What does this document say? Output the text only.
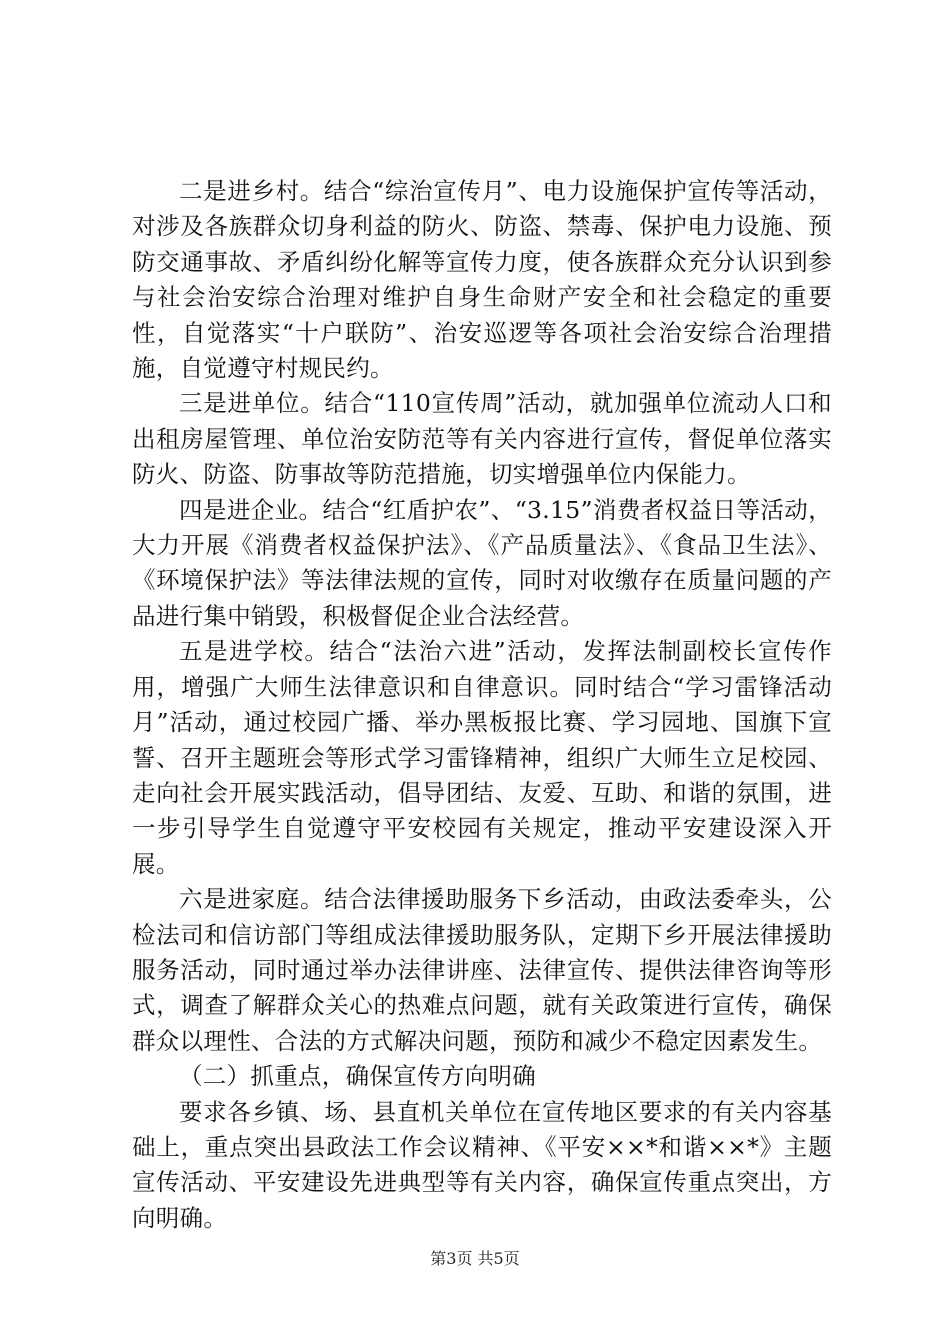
二是进乡村。结合“综治宣传月”、电力设施保护宣传等活动，对涉及各族群众切身利益的防火、防盗、禁毒、保护电力设施、预防交通事故、矛盾纠纷化解等宣传力度，使各族群众充分认识到参与社会治安综合治理对维护自身生命财产安全和社会稳定的重要性，自觉落实“十户联防”、治安巡逻等各项社会治安综合治理措施，自觉遵守村规民约。

三是进单位。结合“110宣传周”活动，就加强单位流动人口和出租房屋管理、单位治安防范等有关内容进行宣传，督促单位落实防火、防盗、防事故等防范措施，切实增强单位内保能力。

四是进企业。结合“红盾护农”、“3.15”消费者权益日等活动，大力开展《消费者权益保护法》、《产品质量法》、《食品卫生法》、《环境保护法》等法律法规的宣传，同时对收缴存在质量问题的产品进行集中销毁，积极督促企业合法经营。

五是进学校。结合“法治六进”活动，发挥法制副校长宣传作用，增强广大师生法律意识和自律意识。同时结合“学习雷锋活动月”活动，通过校园广播、举办黑板报比赛、学习园地、国旗下宣誓、召开主题班会等形式学习雷锋精神，组织广大师生立足校园、走向社会开展实践活动，倡导团结、友爱、互助、和谐的氛围，进一步引导学生自觉遵守平安校园有关规定，推动平安建设深入开展。

六是进家庭。结合法律援助服务下乡活动，由政法委牵头，公检法司和信访部门等组成法律援助服务队，定期下乡开展法律援助服务活动，同时通过举办法律讲座、法律宣传、提供法律咨询等形式，调查了解群众关心的热难点问题，就有关政策进行宣传，确保群众以理性、合法的方式解决问题，预防和减少不稳定因素发生。

（二）抓重点，确保宣传方向明确

要求各乡镇、场、县直机关单位在宣传地区要求的有关内容基础上，重点突出县政法工作会议精神、《平安××*和谐××*》主题宣传活动、平安建设先进典型等有关内容，确保宣传重点突出，方向明确。

第3页 共5页
